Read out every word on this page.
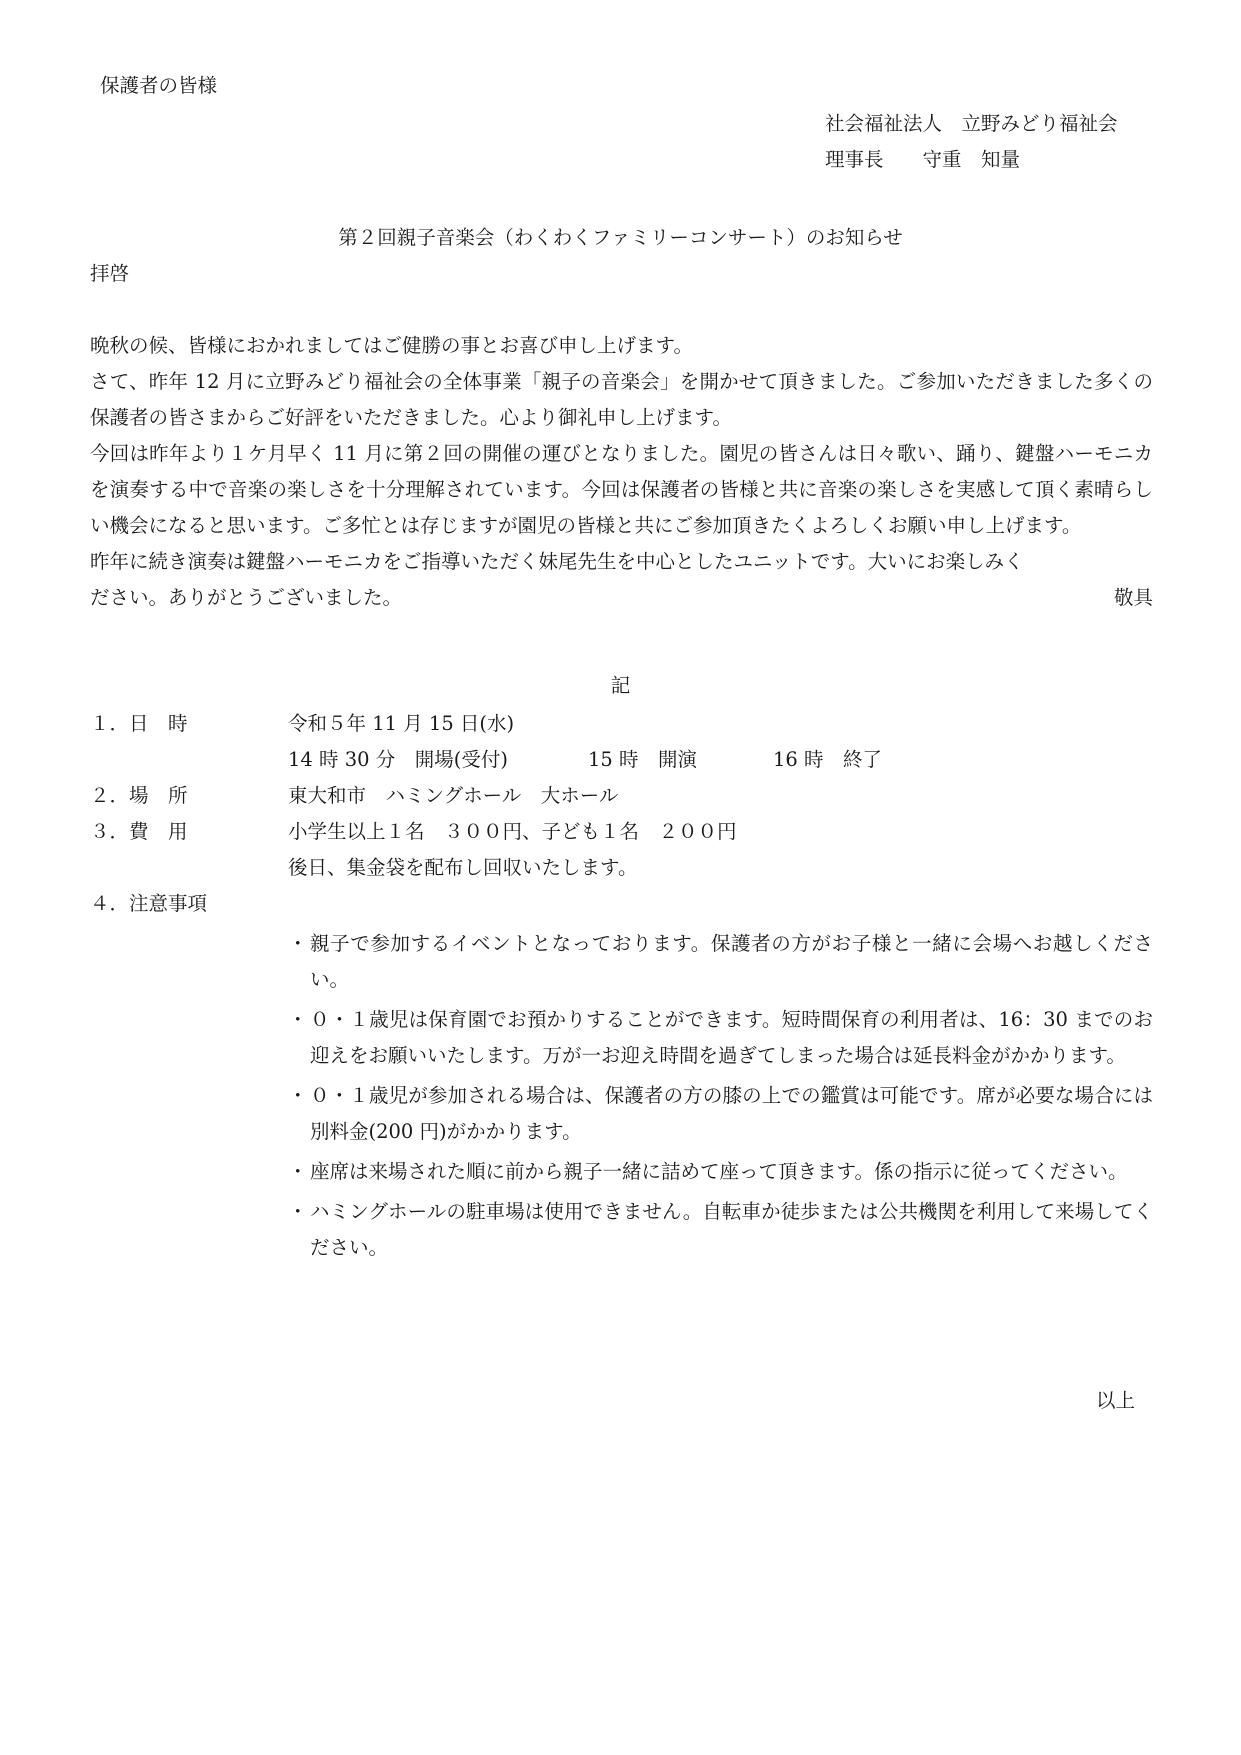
保護者の皆様
社会福祉法人　立野みどり福祉会
理事長　　守重　知量
第２回親子音楽会（わくわくファミリーコンサート）のお知らせ
拝啓

晩秋の候、皆様におかれましてはご健勝の事とお喜び申し上げます。

さて、昨年 12 月に立野みどり福祉会の全体事業「親子の音楽会」を開かせて頂きました。ご参加いただきました多くの保護者の皆さまからご好評をいただきました。心より御礼申し上げます。

今回は昨年より１ケ月早く 11 月に第２回の開催の運びとなりました。園児の皆さんは日々歌い、踊り、鍵盤ハーモニカを演奏する中で音楽の楽しさを十分理解されています。今回は保護者の皆様と共に音楽の楽しさを実感して頂く素晴らしい機会になると思います。ご多忙とは存じますが園児の皆様と共にご参加頂きたくよろしくお願い申し上げます。

昨年に続き演奏は鍵盤ハーモニカをご指導いただく妹尾先生を中心としたユニットです。大いにお楽しみく

ださい。ありがとうございました。	敬具
記
１．日　時	令和５年 11 月 15 日(水)
14 時 30 分　開場(受付)	15 時　開演	16 時　終了
２．場　所	東大和市　ハミングホール　大ホール
３．費　用	小学生以上１名　３００円、子ども１名　２００円
後日、集金袋を配布し回収いたします。
４．注意事項
・ 親子で参加するイベントとなっております。保護者の方がお子様と一緒に会場へお越しください。
・ ０・１歳児は保育園でお預かりすることができます。短時間保育の利用者は、16：30 までのお迎えをお願いいたします。万が一お迎え時間を過ぎてしまった場合は延長料金がかかります。
・ ０・１歳児が参加される場合は、保護者の方の膝の上での鑑賞は可能です。席が必要な場合には別料金(200 円)がかかります。
・ 座席は来場された順に前から親子一緒に詰めて座って頂きます。係の指示に従ってください。
・ ハミングホールの駐車場は使用できません。自転車か徒歩または公共機関を利用して来場してください。
以上
